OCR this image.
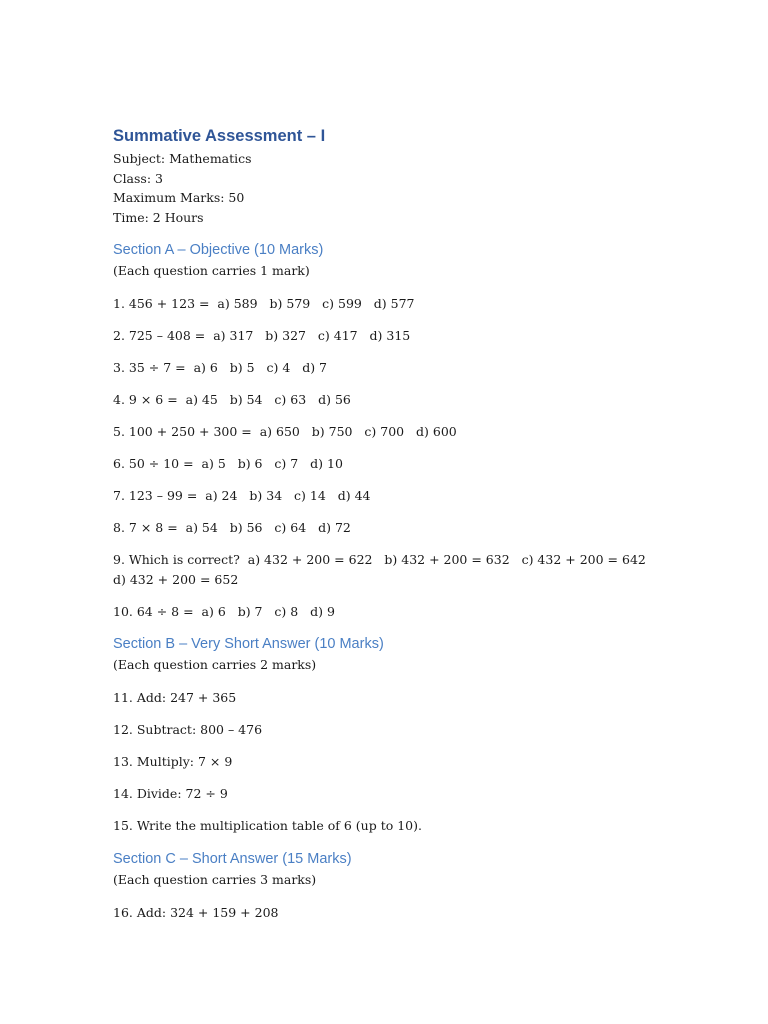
Summative Assessment – I

Subject: Mathematics

Class: 3

Maximum Marks: 50

Time: 2 Hours

Section A – Objective (10 Marks)

(Each question carries 1 mark)

1. 456 + 123 =  a) 589   b) 579   c) 599   d) 577

2. 725 – 408 =  a) 317   b) 327   c) 417   d) 315

3. 35 ÷ 7 =  a) 6   b) 5   c) 4   d) 7

4. 9 × 6 =  a) 45   b) 54   c) 63   d) 56

5. 100 + 250 + 300 =  a) 650   b) 750   c) 700   d) 600

6. 50 ÷ 10 =  a) 5   b) 6   c) 7   d) 10

7. 123 – 99 =  a) 24   b) 34   c) 14   d) 44

8. 7 × 8 =  a) 54   b) 56   c) 64   d) 72

9. Which is correct?  a) 432 + 200 = 622   b) 432 + 200 = 632   c) 432 + 200 = 642   d) 432 + 200 = 652

10. 64 ÷ 8 =  a) 6   b) 7   c) 8   d) 9

Section B – Very Short Answer (10 Marks)

(Each question carries 2 marks)

11. Add: 247 + 365

12. Subtract: 800 – 476

13. Multiply: 7 × 9

14. Divide: 72 ÷ 9

15. Write the multiplication table of 6 (up to 10).

Section C – Short Answer (15 Marks)

(Each question carries 3 marks)

16. Add: 324 + 159 + 208
